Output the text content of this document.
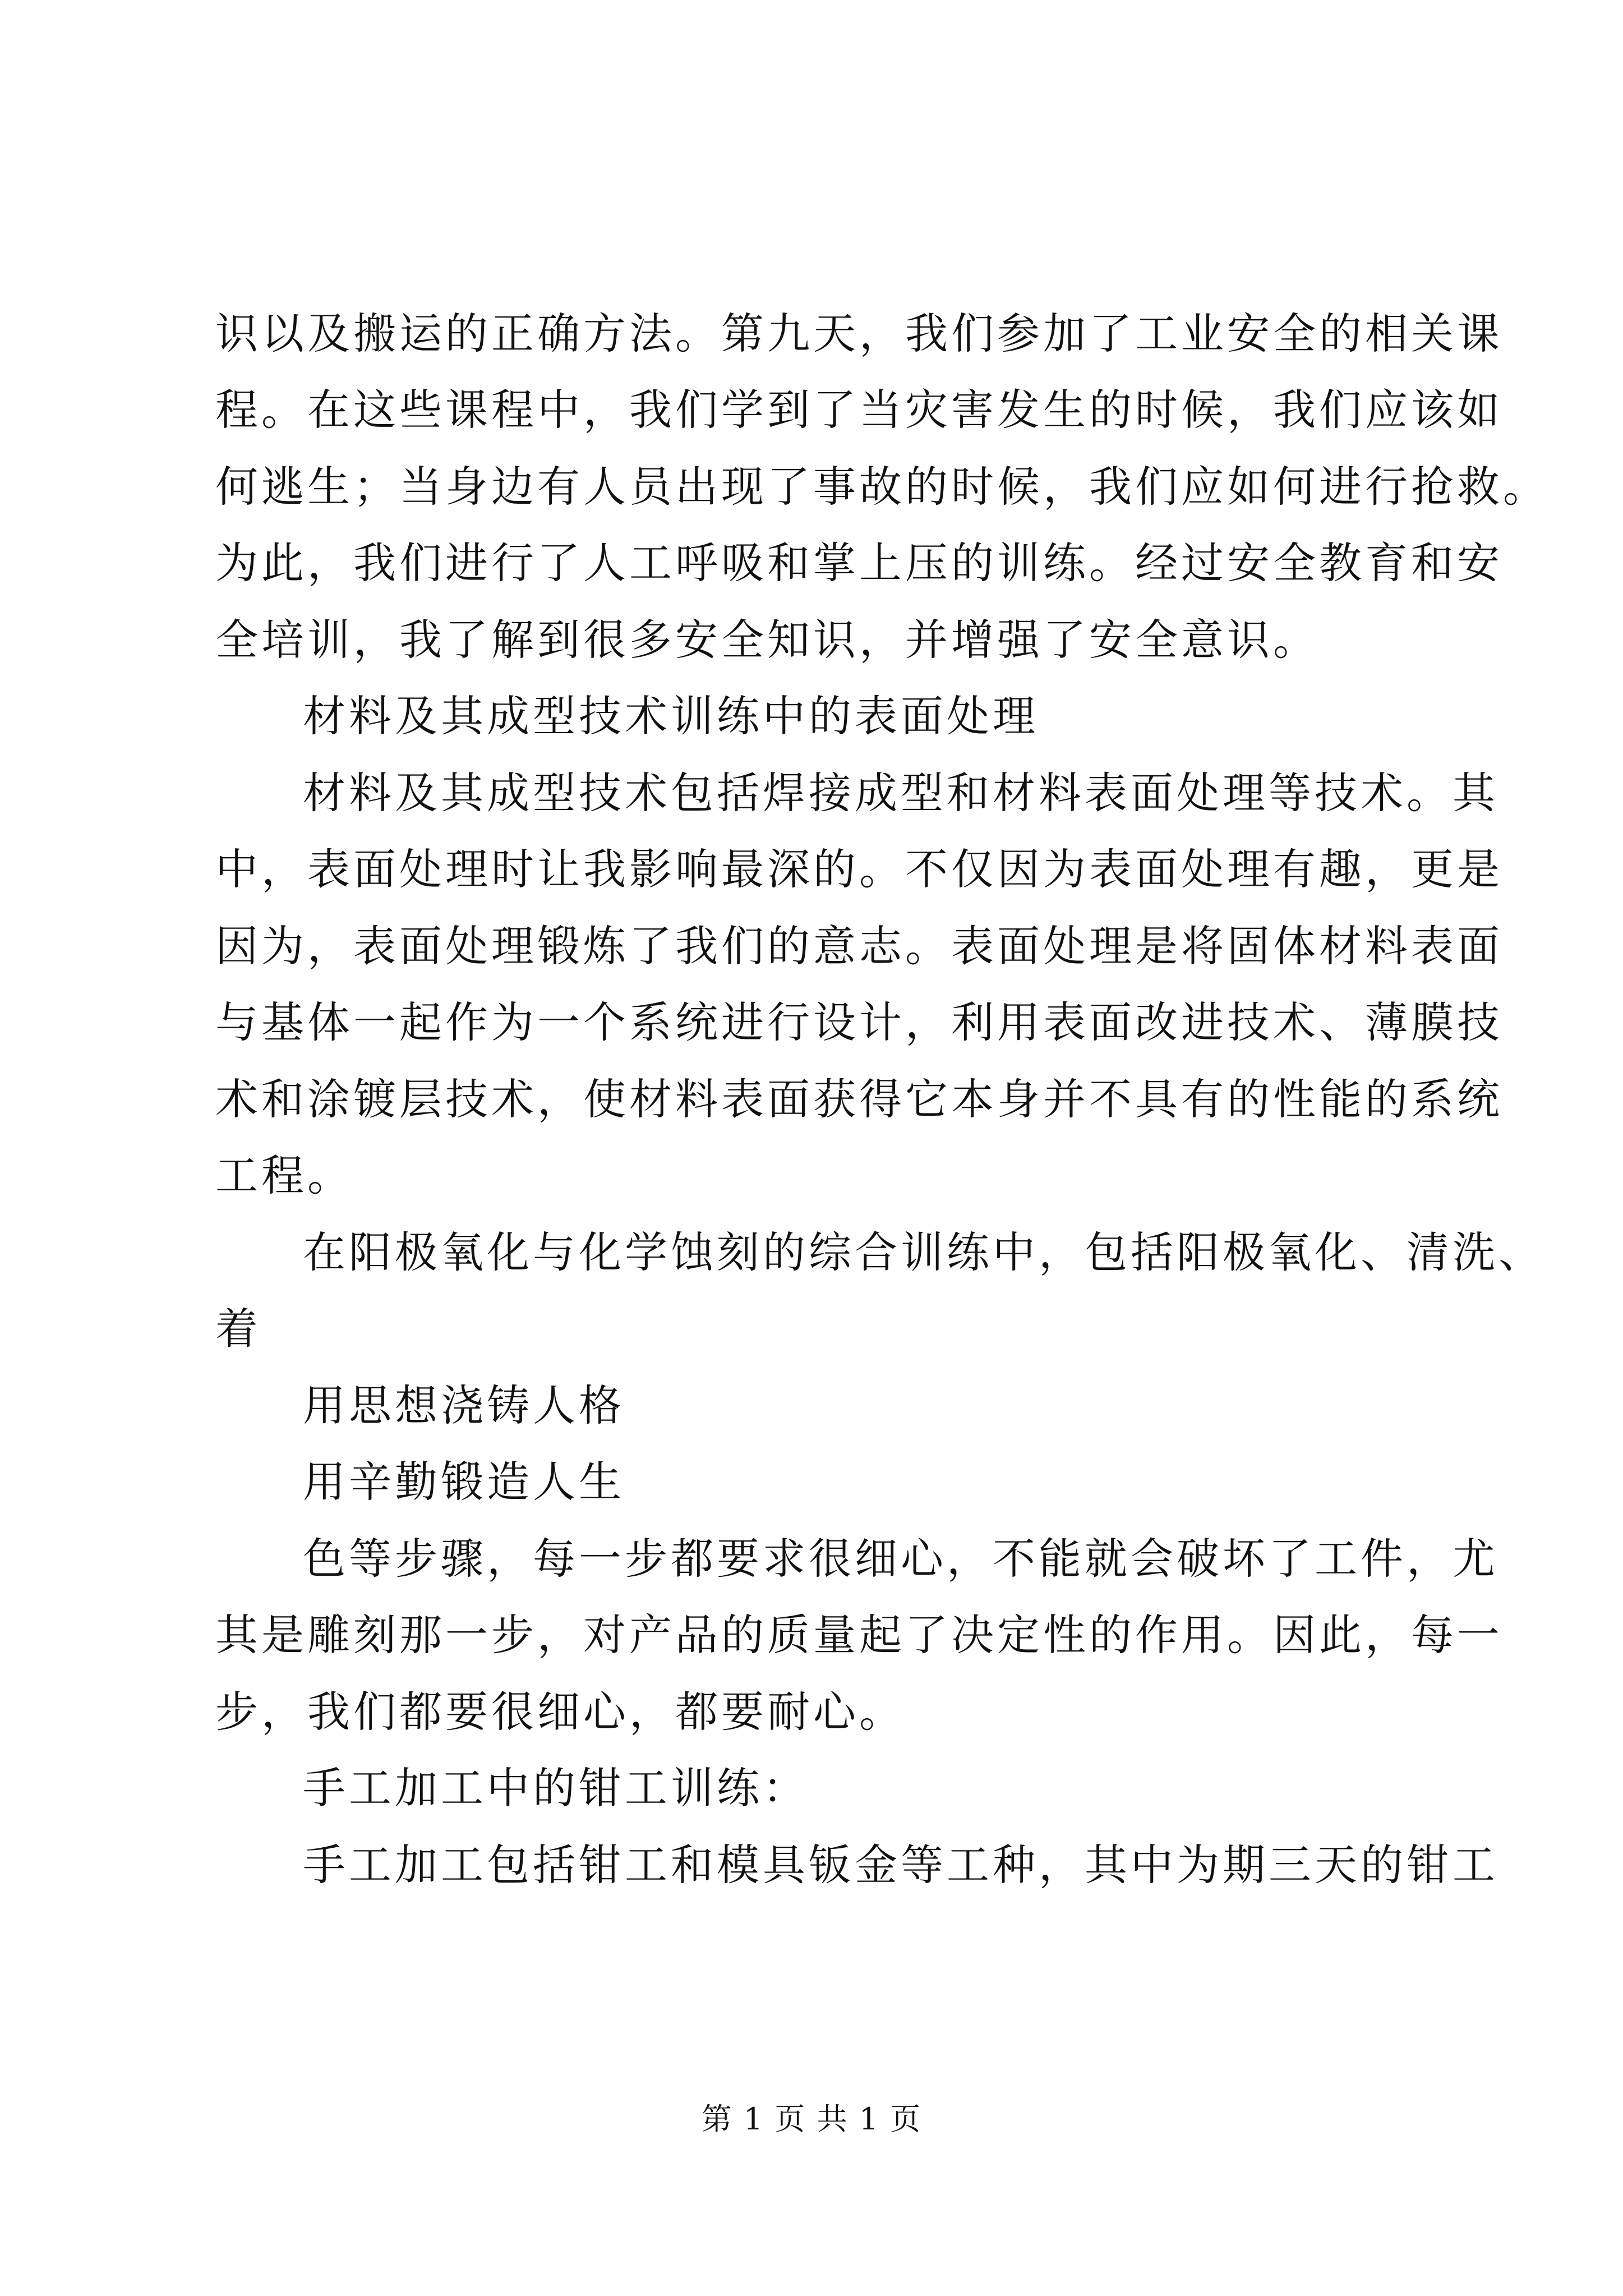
识以及搬运的正确方法。第九天，我们参加了工业安全的相关课
程。在这些课程中，我们学到了当灾害发生的时候，我们应该如
何逃生；当身边有人员出现了事故的时候，我们应如何进行抢救。
为此，我们进行了人工呼吸和掌上压的训练。经过安全教育和安
全培训，我了解到很多安全知识，并增强了安全意识。
材料及其成型技术训练中的表面处理
材料及其成型技术包括焊接成型和材料表面处理等技术。其
中，表面处理时让我影响最深的。不仅因为表面处理有趣，更是
因为，表面处理锻炼了我们的意志。表面处理是将固体材料表面
与基体一起作为一个系统进行设计，利用表面改进技术、薄膜技
术和涂镀层技术，使材料表面获得它本身并不具有的性能的系统
工程。
在阳极氧化与化学蚀刻的综合训练中，包括阳极氧化、清洗、
着
用思想浇铸人格
用辛勤锻造人生
色等步骤，每一步都要求很细心，不能就会破坏了工件，尤
其是雕刻那一步，对产品的质量起了决定性的作用。因此，每一
步，我们都要很细心，都要耐心。
手工加工中的钳工训练：
手工加工包括钳工和模具钣金等工种，其中为期三天的钳工
第 1 页 共 1 页
